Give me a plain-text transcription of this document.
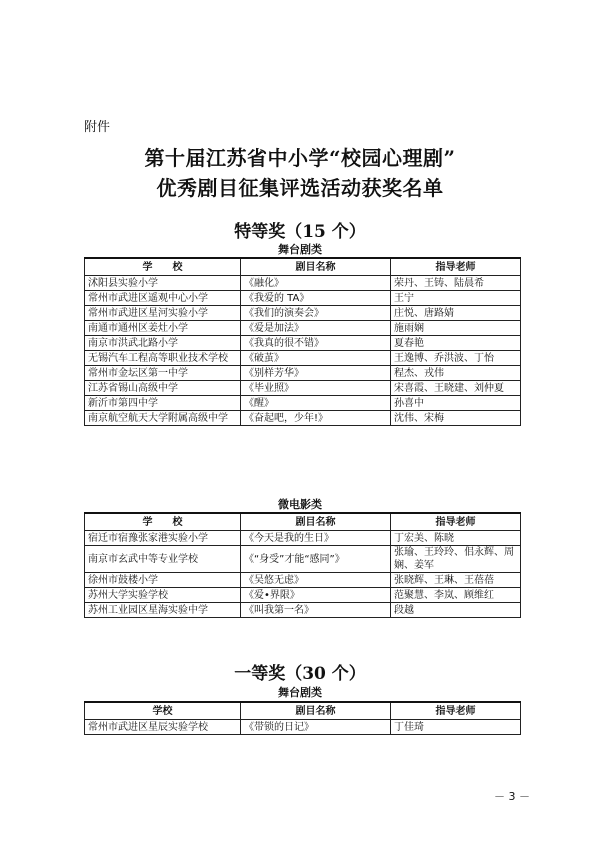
附件
第十届江苏省中小学“校园心理剧”
优秀剧目征集评选活动获奖名单
特等奖（15 个）
舞台剧类
学　　校	剧目名称	指导老师
沭阳县实验小学	《融化》	荣丹、王铸、陆晨希
常州市武进区遥观中心小学	《我爱的 TA》	王宁
常州市武进区星河实验小学	《我们的演奏会》	庄悦、唐路婧
南通市通州区姜灶小学	《爱是加法》	施雨娴
南京市洪武北路小学	《我真的很不错》	夏春艳
无锡汽车工程高等职业技术学校	《破茧》	王逸博、乔洪波、丁怡
常州市金坛区第一中学	《别样芳华》	程杰、戎伟
江苏省锡山高级中学	《毕业照》	宋喜霞、王晓建、刘仲夏
新沂市第四中学	《醒》	孙喜中
南京航空航天大学附属高级中学	《奋起吧，少年!》	沈伟、宋梅
微电影类
学　　校	剧目名称	指导老师
宿迁市宿豫张家港实验小学	《今天是我的生日》	丁宏美、陈晓
南京市玄武中等专业学校	《“身受”才能“感同”》	张瑜、王玲玲、佀永辉、周娴、姜军
徐州市鼓楼小学	《吴悠无虑》	张晓辉、王琳、王蓓蓓
苏州大学实验学校	《爱•界限》	范聚慧、李岚、顾维红
苏州工业园区星海实验中学	《叫我第一名》	段越
一等奖（30 个）
舞台剧类
学校	剧目名称	指导老师
常州市武进区星辰实验学校	《带锁的日记》	丁佳琦
－ 3 －
